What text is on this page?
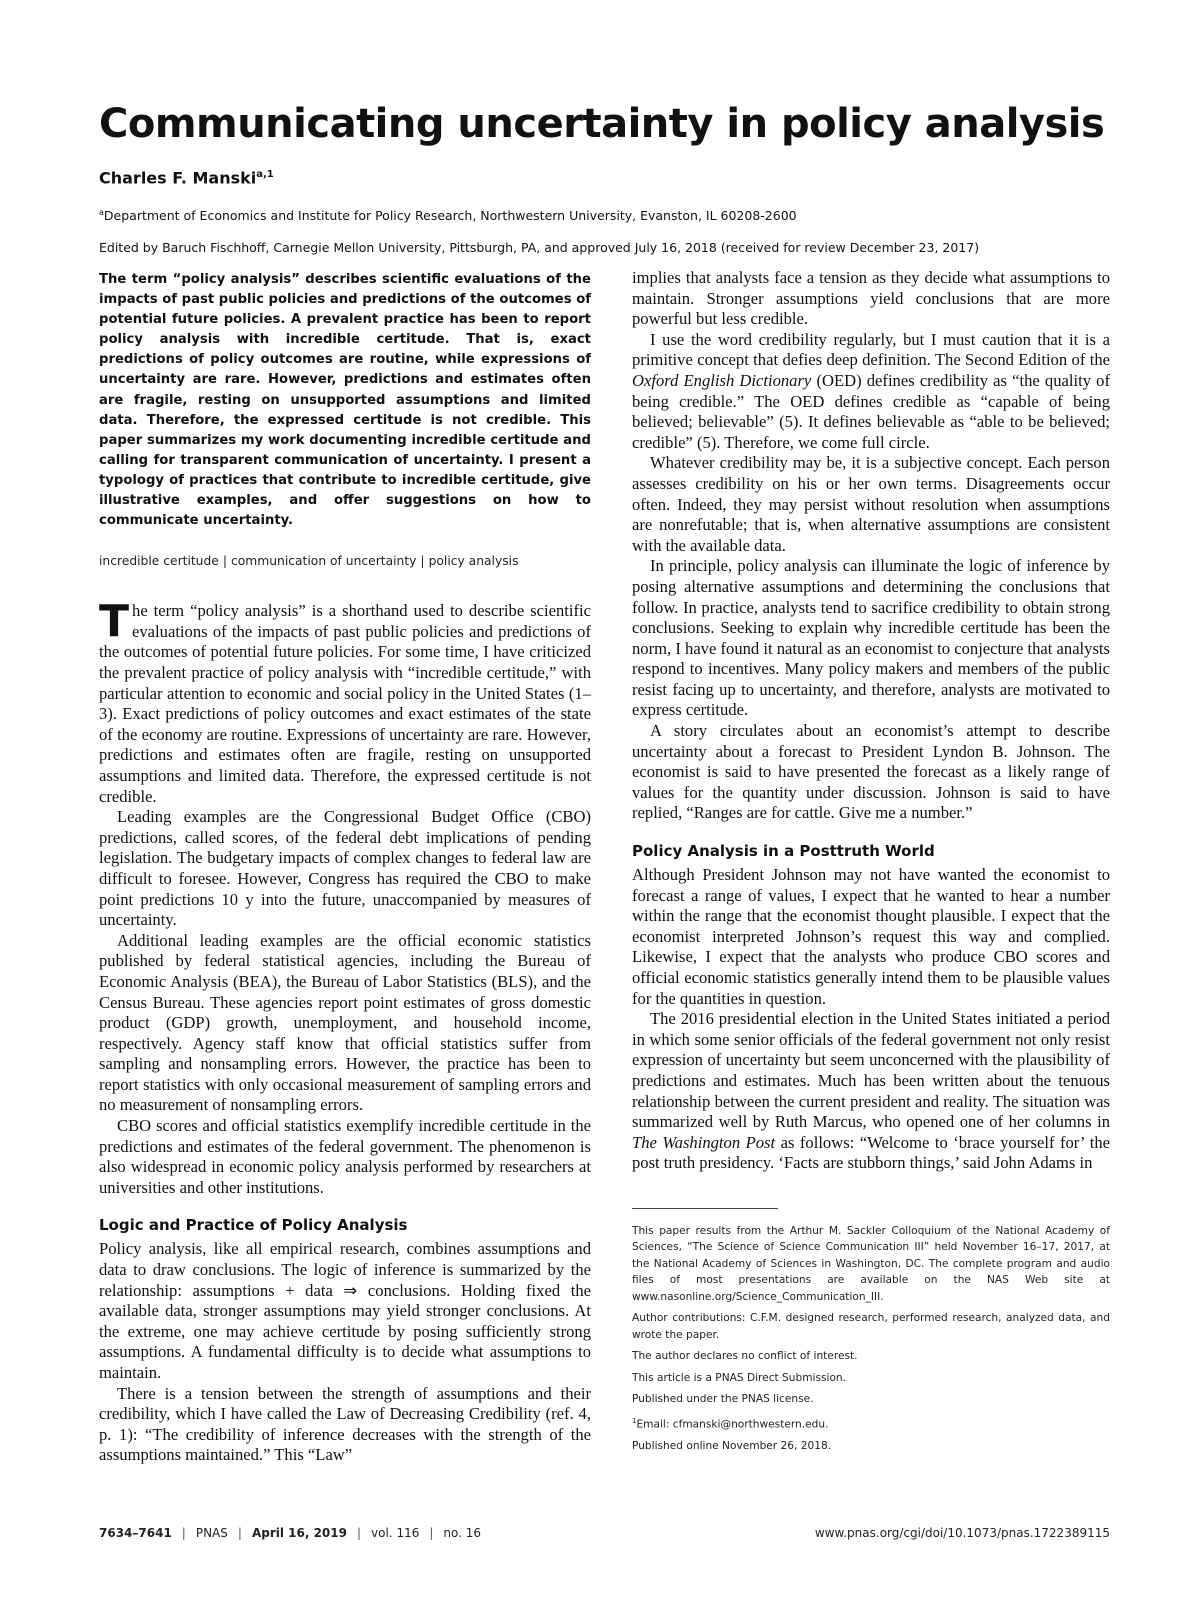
Communicating uncertainty in policy analysis
Charles F. Manski$^{a,1}$
$^a$Department of Economics and Institute for Policy Research, Northwestern University, Evanston, IL 60208-2600
Edited by Baruch Fischhoff, Carnegie Mellon University, Pittsburgh, PA, and approved July 16, 2018 (received for review December 23, 2017)
The term “policy analysis” describes scientific evaluations of the impacts of past public policies and predictions of the outcomes of potential future policies. A prevalent practice has been to report policy analysis with incredible certitude. That is, exact predictions of policy outcomes are routine, while expressions of uncertainty are rare. However, predictions and estimates often are fragile, resting on unsupported assumptions and limited data. Therefore, the expressed certitude is not credible. This paper summarizes my work documenting incredible certitude and calling for transparent communication of uncertainty. I present a typology of practices that contribute to incredible certitude, give illustrative examples, and offer suggestions on how to communicate uncertainty.
incredible certitude | communication of uncertainty | policy analysis

The term “policy analysis” is a shorthand used to describe scientific evaluations of the impacts of past public policies and predictions of the outcomes of potential future policies. For some time, I have criticized the prevalent practice of policy analysis with “incredible certitude,” with particular attention to economic and social policy in the United States (1–3). Exact predictions of policy outcomes and exact estimates of the state of the economy are routine. Expressions of uncertainty are rare. However, predictions and estimates often are fragile, resting on unsupported assumptions and limited data. Therefore, the expressed certitude is not credible.

Leading examples are the Congressional Budget Office (CBO) predictions, called scores, of the federal debt implications of pending legislation. The budgetary impacts of complex changes to federal law are difficult to foresee. However, Congress has required the CBO to make point predictions 10 y into the future, unaccompanied by measures of uncertainty.

Additional leading examples are the official economic statistics published by federal statistical agencies, including the Bureau of Economic Analysis (BEA), the Bureau of Labor Statistics (BLS), and the Census Bureau. These agencies report point estimates of gross domestic product (GDP) growth, unemployment, and household income, respectively. Agency staff know that official statistics suffer from sampling and nonsampling errors. However, the practice has been to report statistics with only occasional measurement of sampling errors and no measurement of nonsampling errors.

CBO scores and official statistics exemplify incredible certitude in the predictions and estimates of the federal government. The phenomenon is also widespread in economic policy analysis performed by researchers at universities and other institutions.

Logic and Practice of Policy Analysis

Policy analysis, like all empirical research, combines assumptions and data to draw conclusions. The logic of inference is summarized by the relationship: assumptions + data ⇒ conclusions. Holding fixed the available data, stronger assumptions may yield stronger conclusions. At the extreme, one may achieve certitude by posing sufficiently strong assumptions. A fundamental difficulty is to decide what assumptions to maintain.

There is a tension between the strength of assumptions and their credibility, which I have called the Law of Decreasing Credibility (ref. 4, p. 1): “The credibility of inference decreases with the strength of the assumptions maintained.” This “Law”

implies that analysts face a tension as they decide what assumptions to maintain. Stronger assumptions yield conclusions that are more powerful but less credible.

I use the word credibility regularly, but I must caution that it is a primitive concept that defies deep definition. The Second Edition of the Oxford English Dictionary (OED) defines credibility as “the quality of being credible.” The OED defines credible as “capable of being believed; believable” (5). It defines believable as “able to be believed; credible” (5). Therefore, we come full circle.

Whatever credibility may be, it is a subjective concept. Each person assesses credibility on his or her own terms. Disagreements occur often. Indeed, they may persist without resolution when assumptions are nonrefutable; that is, when alternative assumptions are consistent with the available data.

In principle, policy analysis can illuminate the logic of inference by posing alternative assumptions and determining the conclusions that follow. In practice, analysts tend to sacrifice credibility to obtain strong conclusions. Seeking to explain why incredible certitude has been the norm, I have found it natural as an economist to conjecture that analysts respond to incentives. Many policy makers and members of the public resist facing up to uncertainty, and therefore, analysts are motivated to express certitude.

A story circulates about an economist’s attempt to describe uncertainty about a forecast to President Lyndon B. Johnson. The economist is said to have presented the forecast as a likely range of values for the quantity under discussion. Johnson is said to have replied, “Ranges are for cattle. Give me a number.”

Policy Analysis in a Posttruth World

Although President Johnson may not have wanted the economist to forecast a range of values, I expect that he wanted to hear a number within the range that the economist thought plausible. I expect that the economist interpreted Johnson’s request this way and complied. Likewise, I expect that the analysts who produce CBO scores and official economic statistics generally intend them to be plausible values for the quantities in question.

The 2016 presidential election in the United States initiated a period in which some senior officials of the federal government not only resist expression of uncertainty but seem unconcerned with the plausibility of predictions and estimates. Much has been written about the tenuous relationship between the current president and reality. The situation was summarized well by Ruth Marcus, who opened one of her columns in The Washington Post as follows: “Welcome to ‘brace yourself for’ the post truth presidency. ‘Facts are stubborn things,’ said John Adams in

This paper results from the Arthur M. Sackler Colloquium of the National Academy of Sciences, “The Science of Science Communication III” held November 16–17, 2017, at the National Academy of Sciences in Washington, DC. The complete program and audio files of most presentations are available on the NAS Web site at www.nasonline.org/Science_Communication_III.

Author contributions: C.F.M. designed research, performed research, analyzed data, and wrote the paper.

The author declares no conflict of interest.

This article is a PNAS Direct Submission.

Published under the PNAS license.

$^1$Email: cfmanski@northwestern.edu.

Published online November 26, 2018.

7634–7641 | PNAS | April 16, 2019 | vol. 116 | no. 16	www.pnas.org/cgi/doi/10.1073/pnas.1722389115
